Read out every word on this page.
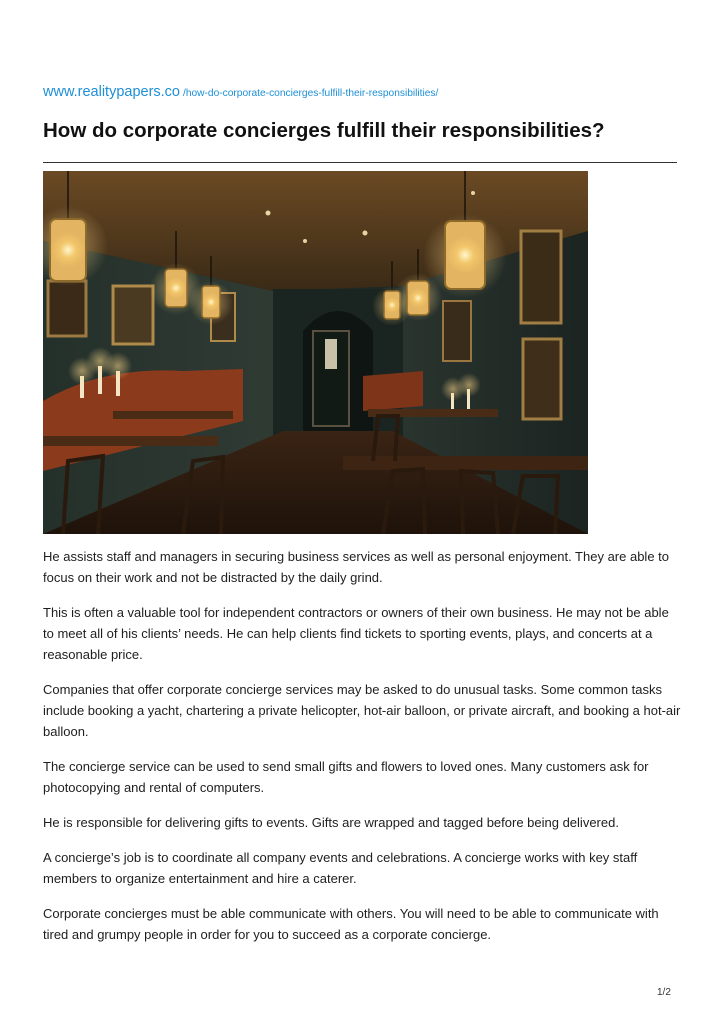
www.realitypapers.co /how-do-corporate-concierges-fulfill-their-responsibilities/
How do corporate concierges fulfill their responsibilities?

He assists staff and managers in securing business services as well as personal enjoyment. They are able to focus on their work and not be distracted by the daily grind.

This is often a valuable tool for independent contractors or owners of their own business. He may not be able to meet all of his clients’ needs. He can help clients find tickets to sporting events, plays, and concerts at a reasonable price.

Companies that offer corporate concierge services may be asked to do unusual tasks. Some common tasks include booking a yacht, chartering a private helicopter, hot-air balloon, or private aircraft, and booking a hot-air balloon.

The concierge service can be used to send small gifts and flowers to loved ones. Many customers ask for photocopying and rental of computers.

He is responsible for delivering gifts to events. Gifts are wrapped and tagged before being delivered.

A concierge’s job is to coordinate all company events and celebrations. A concierge works with key staff members to organize entertainment and hire a caterer.

Corporate concierges must be able communicate with others. You will need to be able to communicate with tired and grumpy people in order for you to succeed as a corporate concierge.

1/2
